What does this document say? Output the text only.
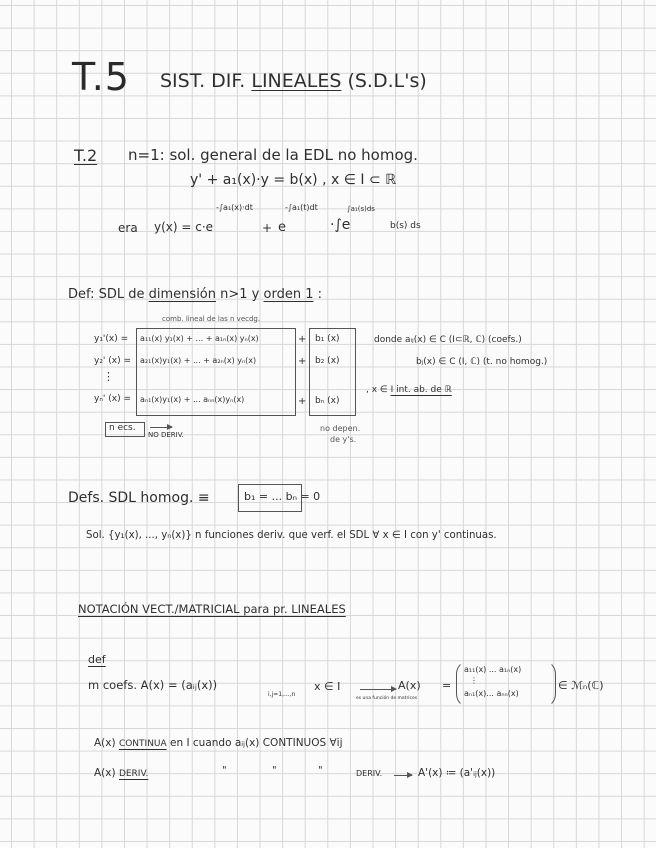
T.5 SIST. DIF. LINEALES (S.D.L's)
T.2 n=1: sol. general de la EDL no homog.
y' + a₁(x)·y = b(x) , x ∈ I ⊂ ℝ
era y(x) = c·e
-∫a₁(x)·dt
+ e
-∫a₁(t)dt
·∫e
∫a₁(s)ds
b(s) ds
Def: SDL de dimensión n>1 y orden 1 :
comb. lineal de las n vecdg.
y₁'(x) = a₁₁(x) y₁(x) + ... + a₁ₙ(x) yₙ(x)	+ b₁ (x)
y₂' (x) = a₂₁(x)y₁(x) + ... + a₂ₙ(x) yₙ(x)	+ b₂ (x)
⋮
yₙ' (x) = aₙ₁(x)y₁(x) + ... aₙₙ(x)yₙ(x)	+ bₙ (x)
donde aᵢⱼ(x) ∈ C (I⊂ℝ, ℂ) (coefs.)
bⱼ(x) ∈ C (I, ℂ) (t. no homog.)
, x ∈ I int. ab. de ℝ
n ecs.
NO DERIV.
no depen.
de y's.
Defs. SDL homog. ≡	b₁ = ... bₙ = 0
Sol. {y₁(x), ..., yₙ(x)} n funciones deriv. que verf. el SDL ∀ x ∈ I con y' continuas.
NOTACIÓN VECT./MATRICIAL para pr. LINEALES
def
m coefs. A(x) = (aᵢⱼ(x))
i,j=1,...,n
x ∈ I	A(x)
es una función de matrices
=
a₁₁(x) ... a₁ₙ(x)
⋮
aₙ₁(x)... aₙₙ(x)
∈ ℳₙ(ℂ)
A(x) CONTINUA en I cuando aᵢⱼ(x) CONTINUOS ∀ij
A(x) DERIV.	"	"	"	DERIV.	A'(x) ≔ (a'ᵢⱼ(x))
